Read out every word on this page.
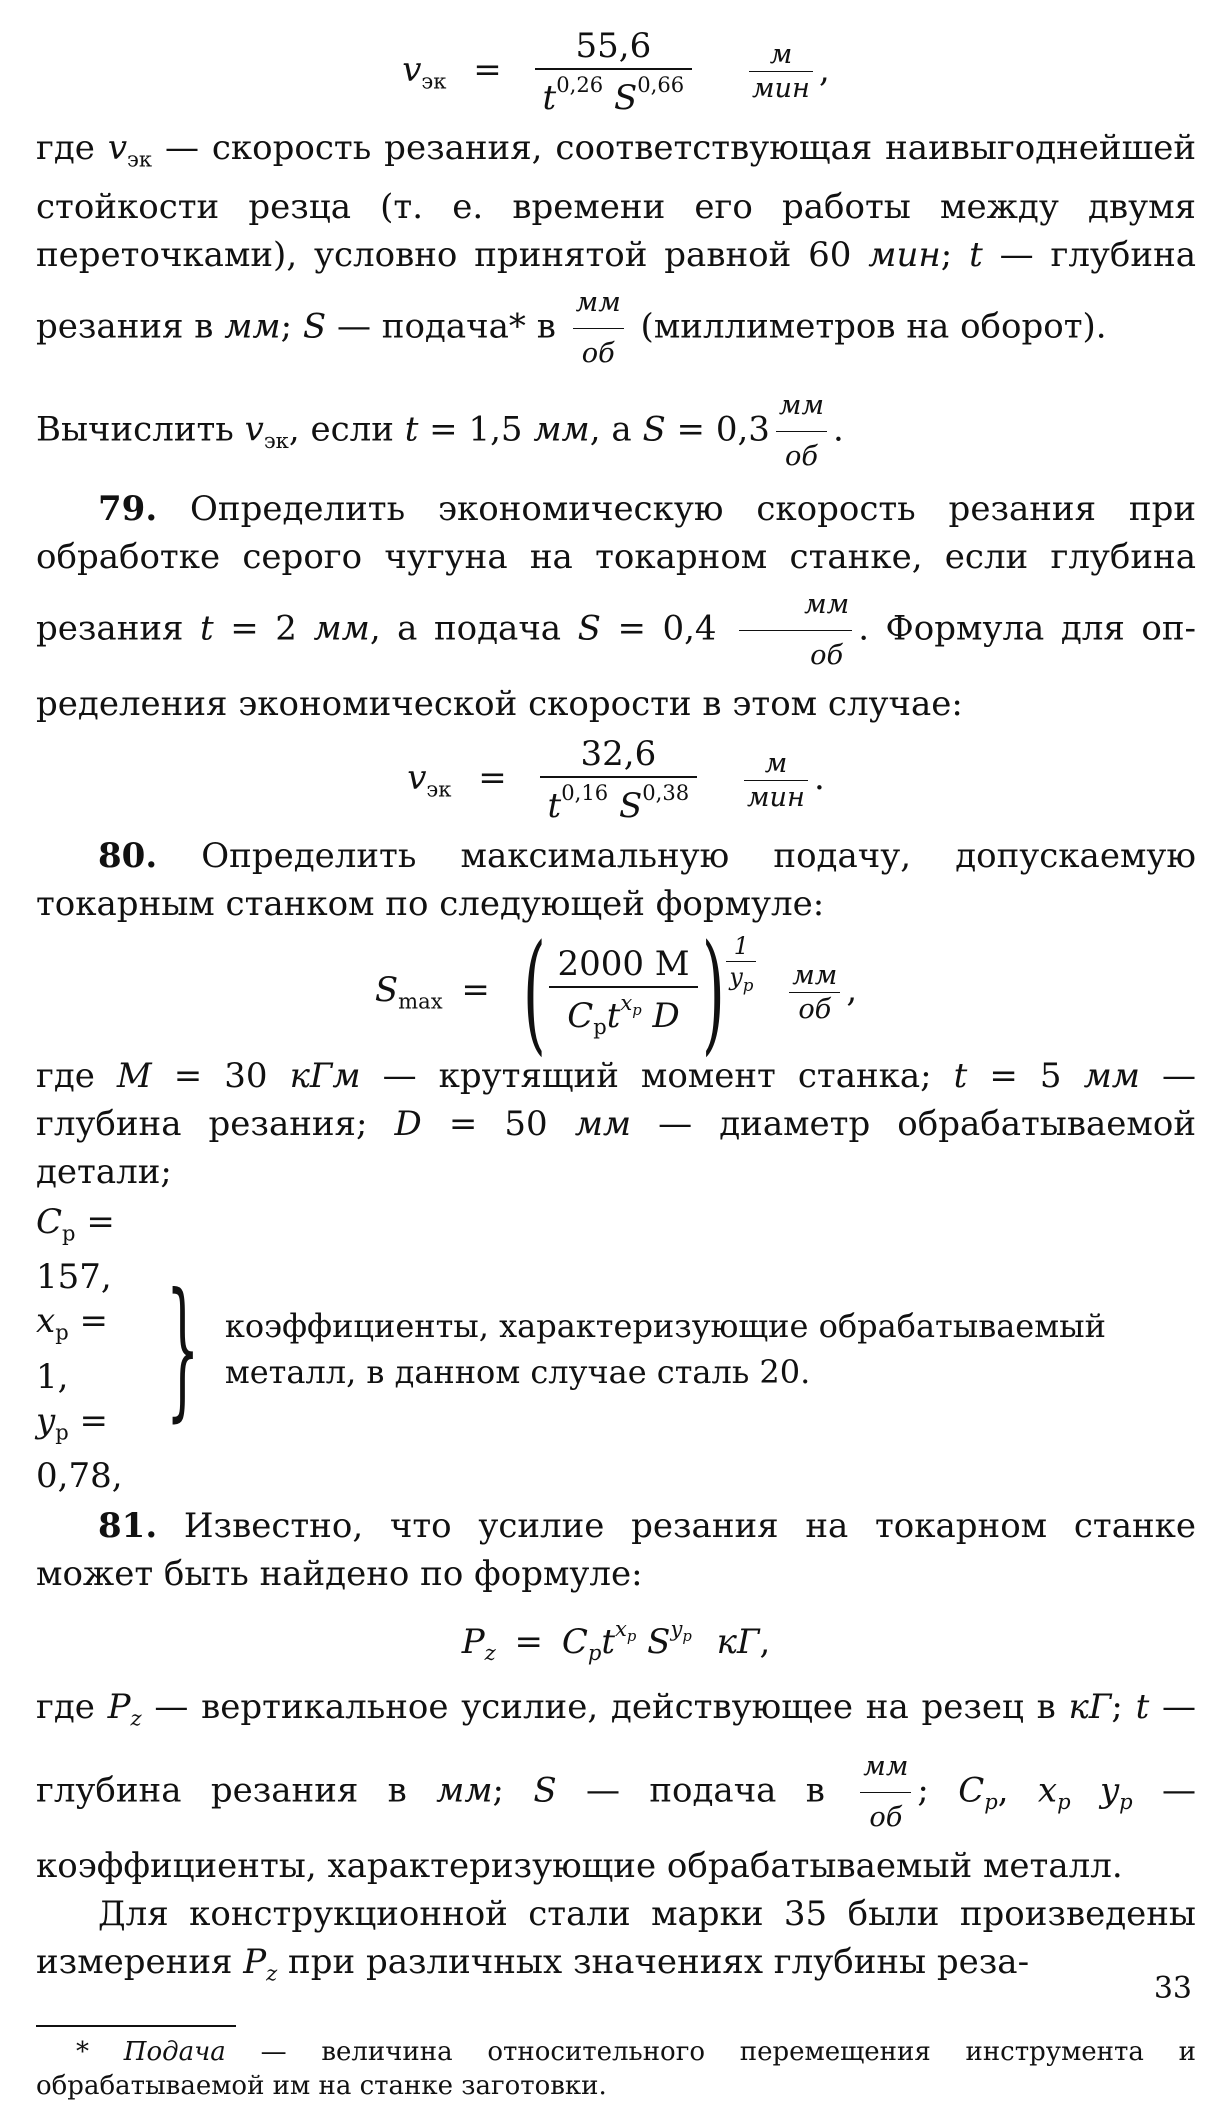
$v_{эк} = \frac{55,6}{t^{0,26} S^{0,66}}$
$\frac{м}{\text{мин}}$ ,

где $v_{эк}$ — скорость резания, соответствующая наивыгоднейшей стойкости резца (т. е. времени его работы между двумя переточками), условно принятой равной 60 мин; t — глубина резания в мм; S — подача* в $\frac{мм}{об}$ (миллиметров на оборот).

Вычислить $v_{эк}$, если t = 1,5 мм, а $S = 0,3 \frac{мм}{об}$ .

79. Определить экономическую скорость резания при обработке серого чугуна на токарном станке, если глубина резания t = 2 мм, а подача $S = 0,4 \frac{мм}{об}$ . Формула для определения экономической скорости в этом случае:

$v_{эк} = \frac{32,6}{t^{0,16} S^{0,38}}$
$\frac{м}{\text{мин}}$ .

80. Определить максимальную подачу, допускаемую токарным станком по следующей формуле:

$S_{max}$ = ( $\frac{2000 M}{C_pt^{x_p} D}$ ) $\frac{1}{y_p}$
$\frac{мм}{об}$ ,

где M = 30 кГм — крутящий момент станка; t = 5 мм — глубина резания; D = 50 мм — диаметр обрабатываемой детали;

$C_p = 157$,
$x_p = 1$,
$y_p = 0,78$,
} коэффициенты, характеризующие обрабатываемый металл, в данном случае сталь 20.

81. Известно, что усилие резания на токарном станке может быть найдено по формуле:

$P_z = C_pt^{x_p}$ $S^{y_p}$ кГ,

где $P_z$ — вертикальное усилие, действующее на резец в кГ; t — глубина резания в мм; S — подача в $\frac{мм}{об}$ ; $C_p$, $x_p$ $y_p$ — коэффициенты, характеризующие обрабатываемый металл.

Для конструкционной стали марки 35 были произведены измерения $P_z$ при различных значениях глубины реза-

* Подача — величина относительного перемещения инструмента и обрабатываемой им на станке заготовки.

33
